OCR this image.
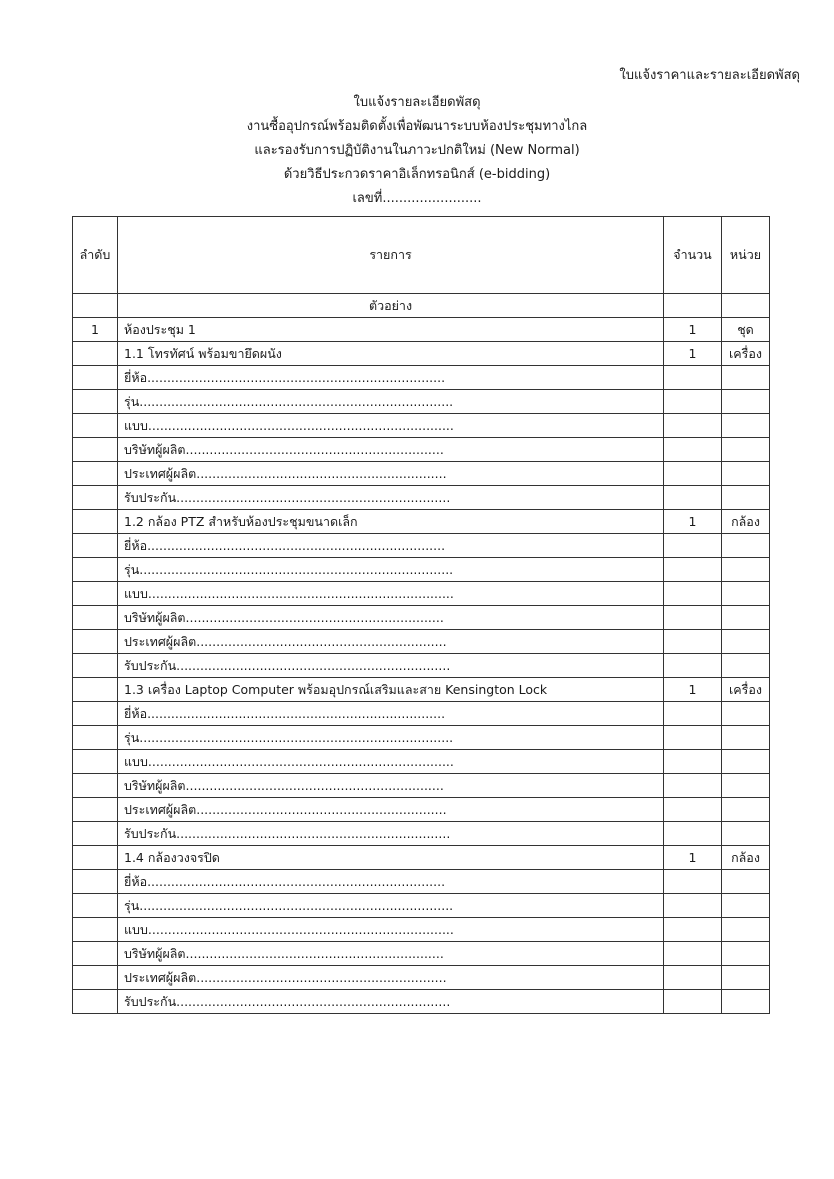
ใบแจ้งราคาและรายละเอียดพัสดุ
ใบแจ้งรายละเอียดพัสดุ
งานซื้ออุปกรณ์พร้อมติดตั้งเพื่อพัฒนาระบบห้องประชุมทางไกล
และรองรับการปฏิบัติงานในภาวะปกติใหม่ (New Normal)
ด้วยวิธีประกวดราคาอิเล็กทรอนิกส์ (e-bidding)
เลขที่........................
ลำดับ	รายการ	จำนวน	หน่วย
	ตัวอย่าง		
1	ห้องประชุม 1	1	ชุด
	1.1 โทรทัศน์ พร้อมขายึดผนัง	1	เครื่อง
	ยี่ห้อ...........................................................................		
	รุ่น...............................................................................		
	แบบ.............................................................................		
	บริษัทผู้ผลิต.................................................................		
	ประเทศผู้ผลิต...............................................................		
	รับประกัน.....................................................................		
	1.2 กล้อง PTZ สำหรับห้องประชุมขนาดเล็ก	1	กล้อง
	ยี่ห้อ...........................................................................		
	รุ่น...............................................................................		
	แบบ.............................................................................		
	บริษัทผู้ผลิต.................................................................		
	ประเทศผู้ผลิต...............................................................		
	รับประกัน.....................................................................		
	1.3 เครื่อง Laptop Computer พร้อมอุปกรณ์เสริมและสาย Kensington Lock	1	เครื่อง
	ยี่ห้อ...........................................................................		
	รุ่น...............................................................................		
	แบบ.............................................................................		
	บริษัทผู้ผลิต.................................................................		
	ประเทศผู้ผลิต...............................................................		
	รับประกัน.....................................................................		
	1.4 กล้องวงจรปิด	1	กล้อง
	ยี่ห้อ...........................................................................		
	รุ่น...............................................................................		
	แบบ.............................................................................		
	บริษัทผู้ผลิต.................................................................		
	ประเทศผู้ผลิต...............................................................		
	รับประกัน.....................................................................		
